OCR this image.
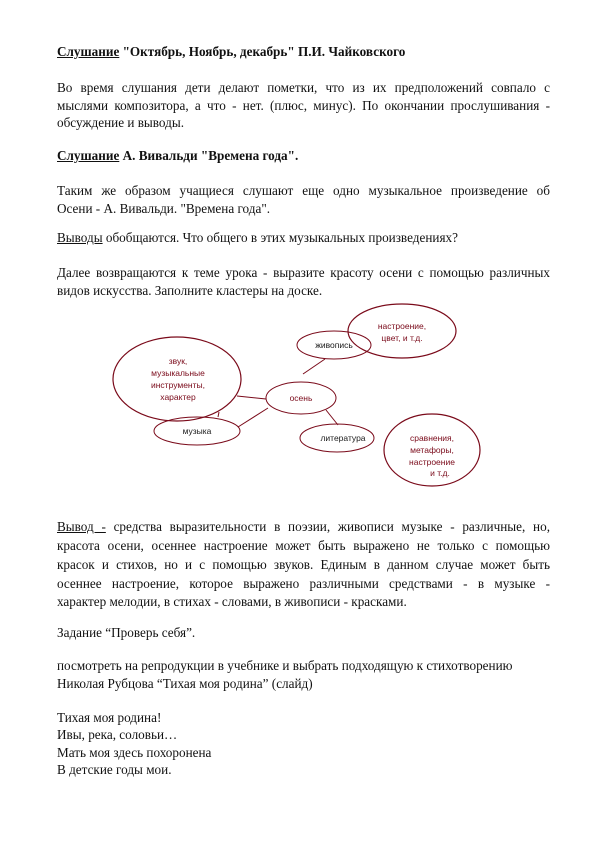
Слушание "Октябрь, Ноябрь, декабрь" П.И. Чайковского
Во время слушания дети делают пометки, что из их предположений совпало с
мыслями композитора, а что - нет. (плюс, минус). По окончании прослушивания -
обсуждение и выводы.
Слушание А. Вивальди "Времена года".
Таким же образом учащиеся слушают еще одно музыкальное произведение об
Осени - А. Вивальди. "Времена года".
Выводы обобщаются. Что общего в этих музыкальных произведениях?
Далее возвращаются к теме урока - выразите красоту осени с помощью различных
видов искусства. Заполните кластеры на доске.
осень
живопись
музыка
литература
настроение,
цвет, и т.д.
звук,
музыкальные
инструменты,
характер
сравнения,
метафоры,
настроение
и т.д.
Вывод - средства выразительности в поэзии, живописи музыке - различные, но,
красота осени, осеннее настроение может быть выражено не только с помощью
красок и стихов, но и с помощью звуков. Единым в данном случае может быть
осеннее настроение, которое выражено различными средствами - в музыке -
характер мелодии, в стихах - словами, в живописи - красками.
Задание “Проверь себя”.
посмотреть на репродукции в учебнике и выбрать подходящую к стихотворению
Николая Рубцова “Тихая моя родина” (слайд)
Тихая моя родина!
Ивы, река, соловьи…
Мать моя здесь похоронена
В детские годы мои.
